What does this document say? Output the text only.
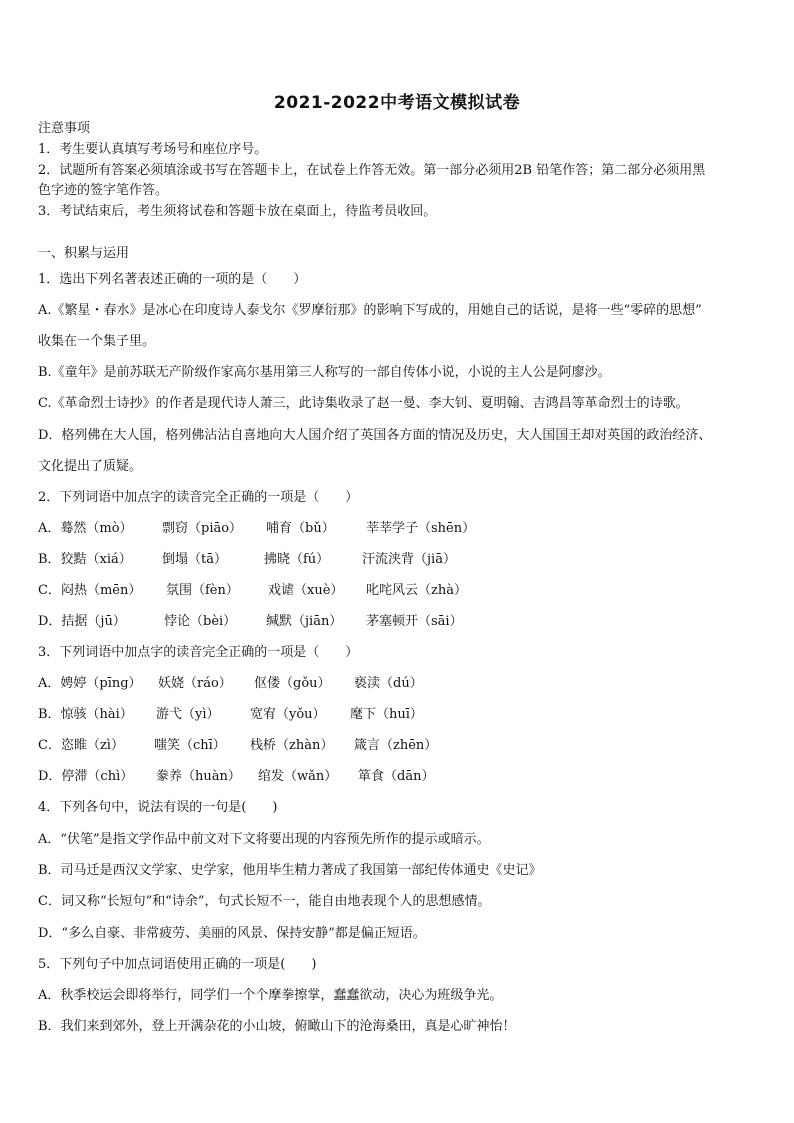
2021-2022中考语文模拟试卷
注意事项
1．考生要认真填写考场号和座位序号。
2．试题所有答案必须填涂或书写在答题卡上，在试卷上作答无效。第一部分必须用2B 铅笔作答；第二部分必须用黑
色字迹的签字笔作答。
3．考试结束后，考生须将试卷和答题卡放在桌面上，待监考员收回。
一、积累与运用
1．选出下列名著表述正确的一项的是（　　）
A.《繁星・春水》是冰心在印度诗人泰戈尔《罗摩衍那》的影响下写成的，用她自己的话说，是将一些“零碎的思想”
收集在一个集子里。
B.《童年》是前苏联无产阶级作家高尔基用第三人称写的一部自传体小说，小说的主人公是阿廖沙。
C.《革命烈士诗抄》的作者是现代诗人萧三，此诗集收录了赵一曼、李大钊、夏明翰、吉鸿昌等革命烈士的诗歌。
D．格列佛在大人国，格列佛沾沾自喜地向大人国介绍了英国各方面的情况及历史，大人国国王却对英国的政治经济、
文化提出了质疑。
2．下列词语中加点字的读音完全正确的一项是（　　）
A．蓦然（mò） 剽窃（piāo） 哺育（bǔ） 莘莘学子（shēn）
B．狡黠（xiá） 倒塌（tā）	拂晓（fú）	汗流浃背（jiā）
C．闷热（mēn） 氛围（fèn） 戏谑（xuè） 叱咤风云（zhà）
D．拮据（jū）	悖论（bèi） 缄默（jiān） 茅塞顿开（sāi）
3．下列词语中加点字的读音完全正确的一项是（　　）
A．娉婷（pīng） 妖娆（ráo） 伛偻（gǒu） 亵渎（dú）
B．惊骇（hài） 游弋（yì） 宽宥（yǒu） 麾下（huī）
C．恣睢（zì） 嗤笑（chī） 栈桥（zhàn） 箴言（zhēn）
D．停滞（chì） 豢养（huàn） 绾发（wǎn） 箪食（dān）
4．下列各句中，说法有误的一句是(　　)
A．“伏笔”是指文学作品中前文对下文将要出现的内容预先所作的提示或暗示。
B．司马迁是西汉文学家、史学家，他用毕生精力著成了我国第一部纪传体通史《史记》
C．词又称“长短句”和“诗余”，句式长短不一，能自由地表现个人的思想感情。
D．“多么自豪、非常疲劳、美丽的风景、保持安静”都是偏正短语。
5．下列句子中加点词语使用正确的一项是(　　)
A．秋季校运会即将举行，同学们一个个摩拳擦掌，蠢蠢欲动，决心为班级争光。
B．我们来到郊外，登上开满杂花的小山坡，俯瞰山下的沧海桑田，真是心旷神怡！
